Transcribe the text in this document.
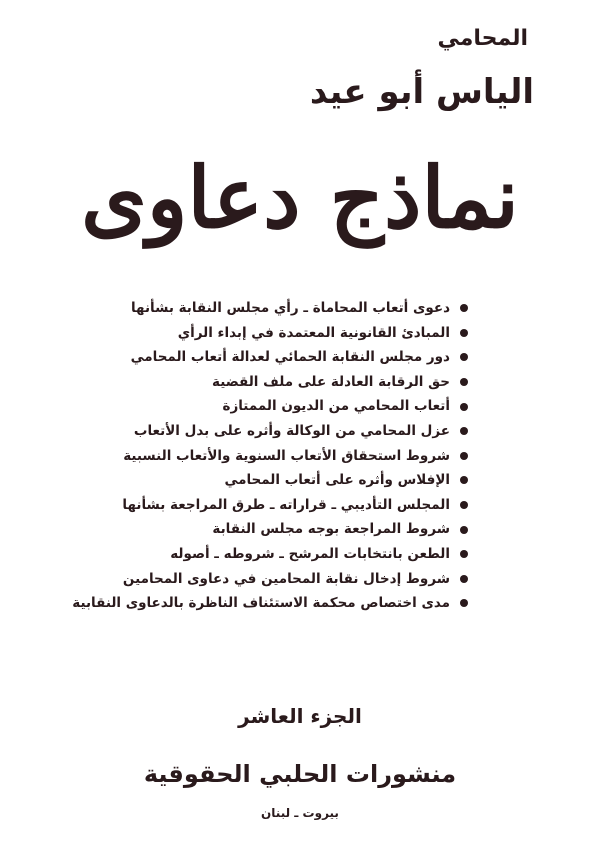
المحامي
الياس أبو عيد
نماذج دعاوى
دعوى أتعاب المحاماة ـ رأي مجلس النقابة بشأنها
المبادئ القانونية المعتمدة في إبداء الرأي
دور مجلس النقابة الحمائي لعدالة أتعاب المحامي
حق الرقابة العادلة على ملف القضية
أتعاب المحامي من الديون الممتازة
عزل المحامي من الوكالة وأثره على بدل الأتعاب
شروط استحقاق الأتعاب السنوية والأتعاب النسبية
الإفلاس وأثره على أتعاب المحامي
المجلس التأديبي ـ قراراته ـ طرق المراجعة بشأنها
شروط المراجعة بوجه مجلس النقابة
الطعن بانتخابات المرشح ـ شروطه ـ أصوله
شروط إدخال نقابة المحامين في دعاوى المحامين
مدى اختصاص محكمة الاستئناف الناظرة بالدعاوى النقابية
الجزء العاشر
منشورات الحلبي الحقوقية
بيروت ـ لبنان
